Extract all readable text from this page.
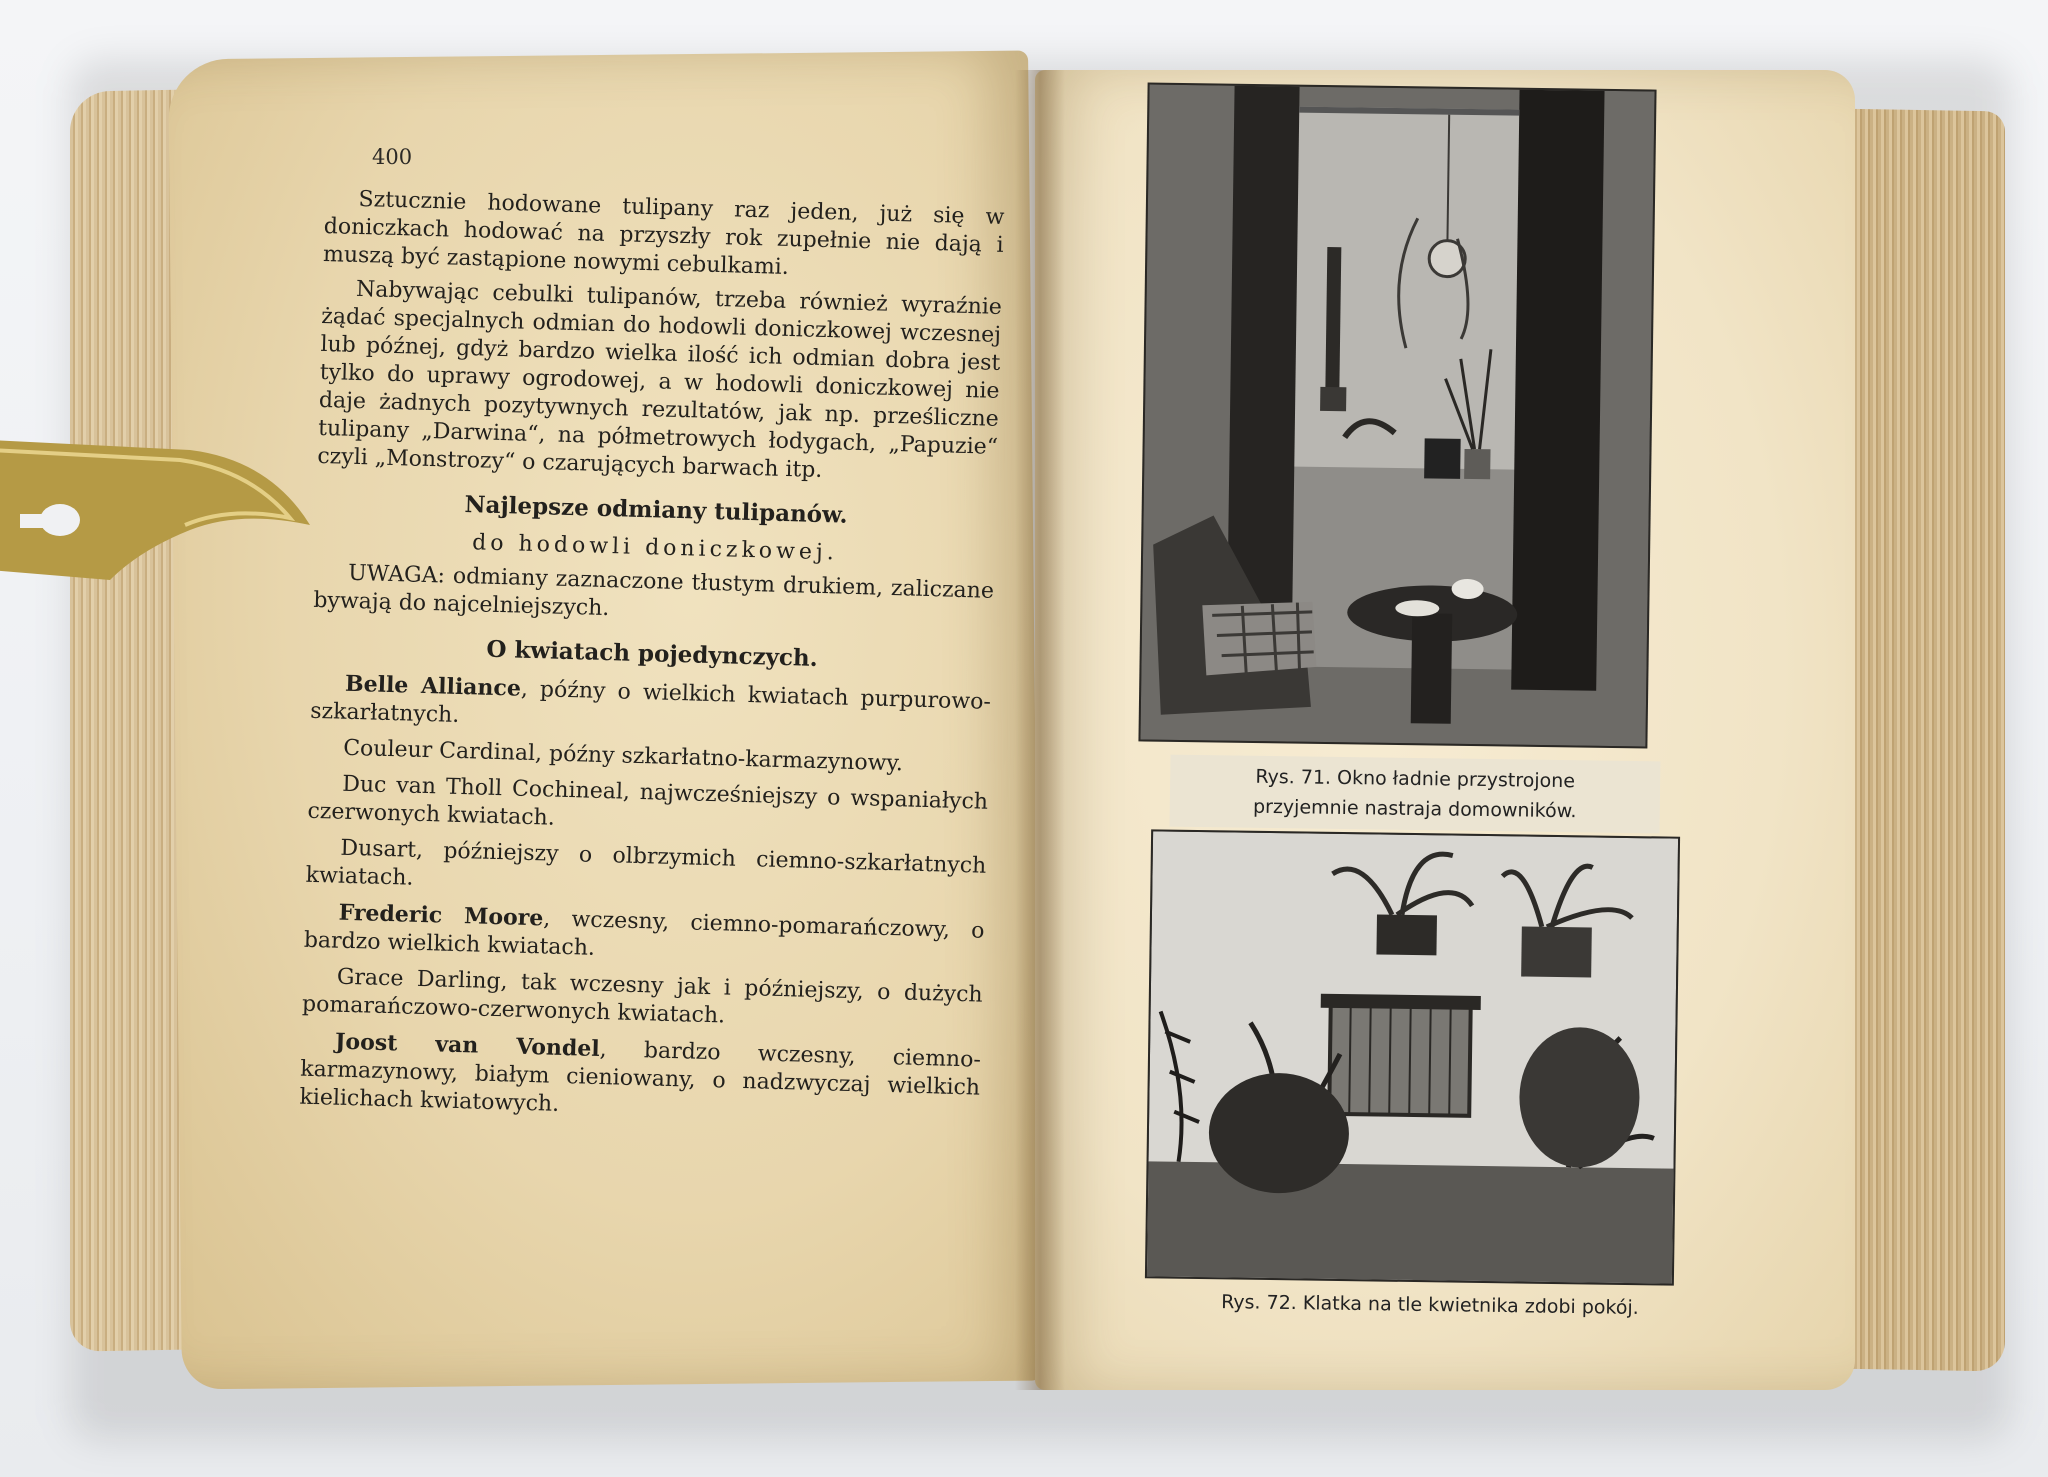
400

Sztucznie hodowane tulipany raz jeden, już się w doniczkach hodować na przyszły rok zupełnie nie dają i muszą być zastąpione nowymi cebulkami.

Nabywając cebulki tulipanów, trzeba również wyraźnie żądać specjalnych odmian do hodowli doniczkowej wczesnej lub późnej, gdyż bardzo wielka ilość ich odmian dobra jest tylko do uprawy ogrodowej, a w hodowli doniczkowej nie daje żadnych pozytywnych rezultatów, jak np. prześliczne tulipany „Darwina“, na półmetrowych łodygach, „Papuzie“ czyli „Monstrozy“ o czarujących barwach itp.

Najlepsze odmiany tulipanów.

do hodowli doniczkowej.

UWAGA: odmiany zaznaczone tłustym drukiem, zaliczane bywają do najcelniejszych.

O kwiatach pojedynczych.

Belle Alliance, późny o wielkich kwiatach purpurowo-szkarłatnych.

Couleur Cardinal, późny szkarłatno-karmazynowy.

Duc van Tholl Cochineal, najwcześniejszy o wspaniałych czerwonych kwiatach.

Dusart, późniejszy o olbrzymich ciemno-szkarłatnych kwiatach.

Frederic Moore, wczesny, ciemno-pomarańczowy, o bardzo wielkich kwiatach.

Grace Darling, tak wczesny jak i późniejszy, o dużych pomarańczowo-czerwonych kwiatach.

Joost van Vondel, bardzo wczesny, ciemno-karmazynowy, białym cieniowany, o nadzwyczaj wielkich kielichach kwiatowych.

Rys. 71. Okno ładnie przystrojone
przyjemnie nastraja domowników.
Rys. 72. Klatka na tle kwietnika zdobi pokój.
